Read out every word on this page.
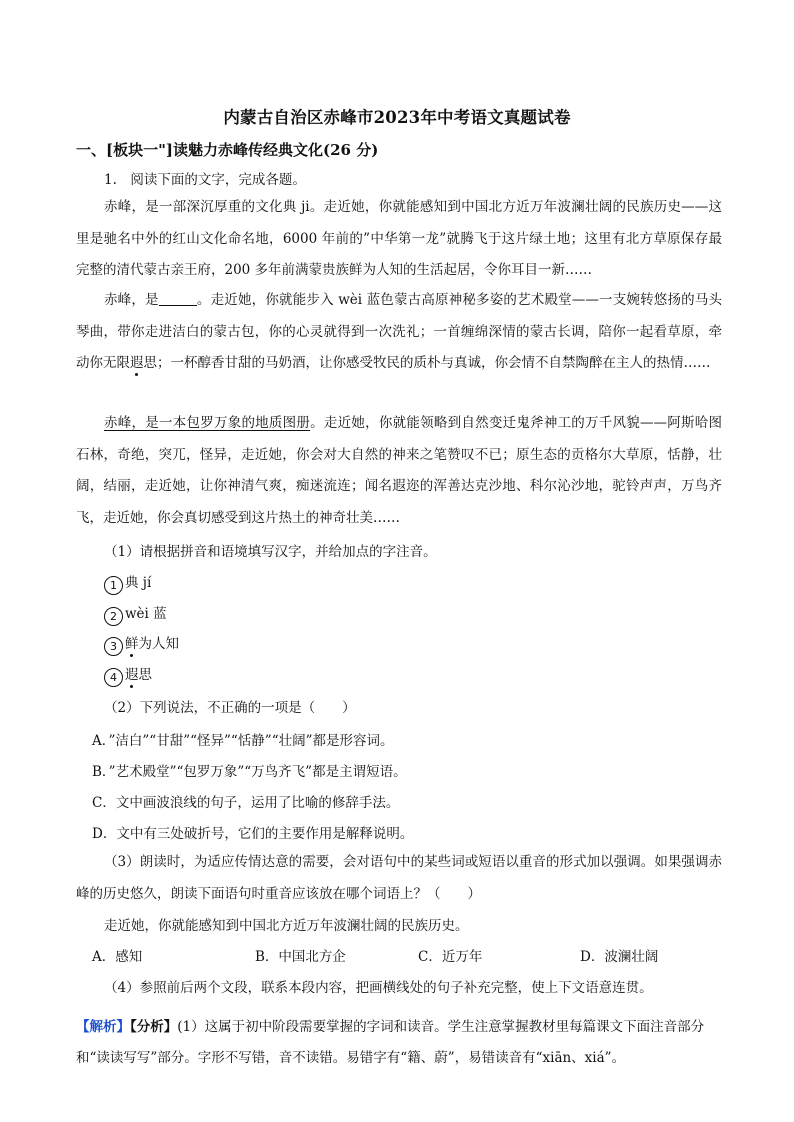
内蒙古自治区赤峰市2023年中考语文真题试卷
一、[板块一"]读魅力赤峰传经典文化(26 分)
1.　阅读下面的文字，完成各题。

赤峰，是一部深沉厚重的文化典 ji。走近她，你就能感知到中国北方近万年波澜壮阔的民族历史——这里是驰名中外的红山文化命名地，6000 年前的”中华第一龙”就腾飞于这片绿土地；这里有北方草原保存最完整的清代蒙古亲王府，200 多年前满蒙贵族鲜为人知的生活起居，令你耳目一新……

赤峰，是	。走近她，你就能步入 wèi 蓝色蒙古高原神秘多姿的艺术殿堂——一支婉转悠扬的马头琴曲，带你走进洁白的蒙古包，你的心灵就得到一次洗礼；一首缠绵深情的蒙古长调，陪你一起看草原，牵动你无限遐思；一杯醇香甘甜的马奶酒，让你感受牧民的质朴与真诚，你会情不自禁陶醉在主人的热情……

赤峰，是一本包罗万象的地质图册。走近她，你就能领略到自然变迁鬼斧神工的万千风貌——阿斯哈图石林，奇绝，突兀，怪异，走近她，你会对大自然的神来之笔赞叹不已；原生态的贡格尔大草原，恬静，壮阔，结丽，走近她，让你神清气爽，痴迷流连；闻名遐迩的浑善达克沙地、科尔沁沙地，驼铃声声，万鸟齐飞，走近她，你会真切感受到这片热土的神奇壮美……

（1）请根据拼音和语境填写汉字，并给加点的字注音。
1 典 jí
2 wèi 蓝
3 鲜为人知
4 遐思
（2）下列说法，不正确的一项是（　　）
A．”洁白”“甘甜”“怪异”“恬静”“壮阔”都是形容词。
B．”艺术殿堂”“包罗万象”“万鸟齐飞”都是主谓短语。
C．文中画波浪线的句子，运用了比喻的修辞手法。
D．文中有三处破折号，它们的主要作用是解释说明。

（3）朗读时，为适应传情达意的需要，会对语句中的某些词或短语以重音的形式加以强调。如果强调赤峰的历史悠久，朗读下面语句时重音应该放在哪个词语上？（　　）

走近她，你就能感知到中国北方近万年波澜壮阔的民族历史。
A．感知	B．中国北方企	C．近万年	D．波澜壮阔
（4）参照前后两个文段，联系本段内容，把画横线处的句子补充完整，使上下文语意连贯。

【解析】【分析】(1）这属于初中阶段需要掌握的字词和读音。学生注意掌握教材里每篇课文下面注音部分和“读读写写”部分。字形不写错，音不读错。易错字有“籍、蔚”，易错读音有“xiān、xiá”。
